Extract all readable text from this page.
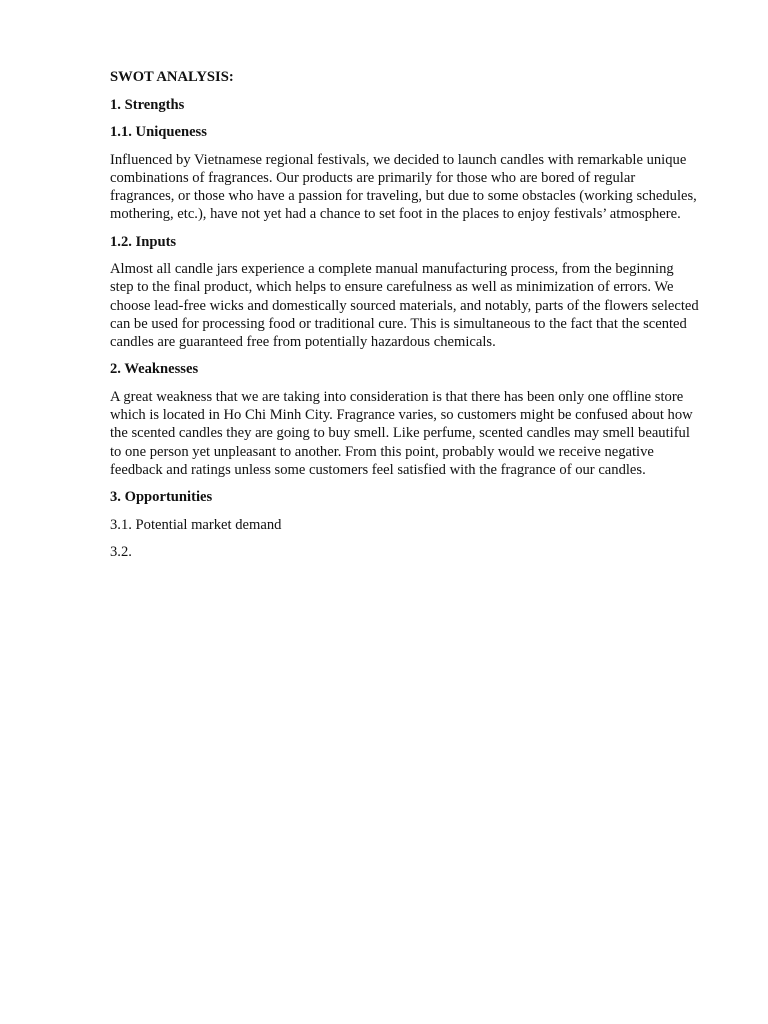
SWOT ANALYSIS:

1. Strengths

1.1. Uniqueness

Influenced by Vietnamese regional festivals, we decided to launch candles with remarkable unique combinations of fragrances. Our products are primarily for those who are bored of regular fragrances, or those who have a passion for traveling, but due to some obstacles (working schedules, mothering, etc.), have not yet had a chance to set foot in the places to enjoy festivals’ atmosphere.

1.2. Inputs

Almost all candle jars experience a complete manual manufacturing process, from the beginning step to the final product, which helps to ensure carefulness as well as minimization of errors. We choose lead-free wicks and domestically sourced materials, and notably, parts of the flowers selected can be used for processing food or traditional cure. This is simultaneous to the fact that the scented candles are guaranteed free from potentially hazardous chemicals.

2. Weaknesses

A great weakness that we are taking into consideration is that there has been only one offline store which is located in Ho Chi Minh City. Fragrance varies, so customers might be confused about how the scented candles they are going to buy smell. Like perfume, scented candles may smell beautiful to one person yet unpleasant to another. From this point, probably would we receive negative feedback and ratings unless some customers feel satisfied with the fragrance of our candles.

3. Opportunities

3.1. Potential market demand

3.2.
